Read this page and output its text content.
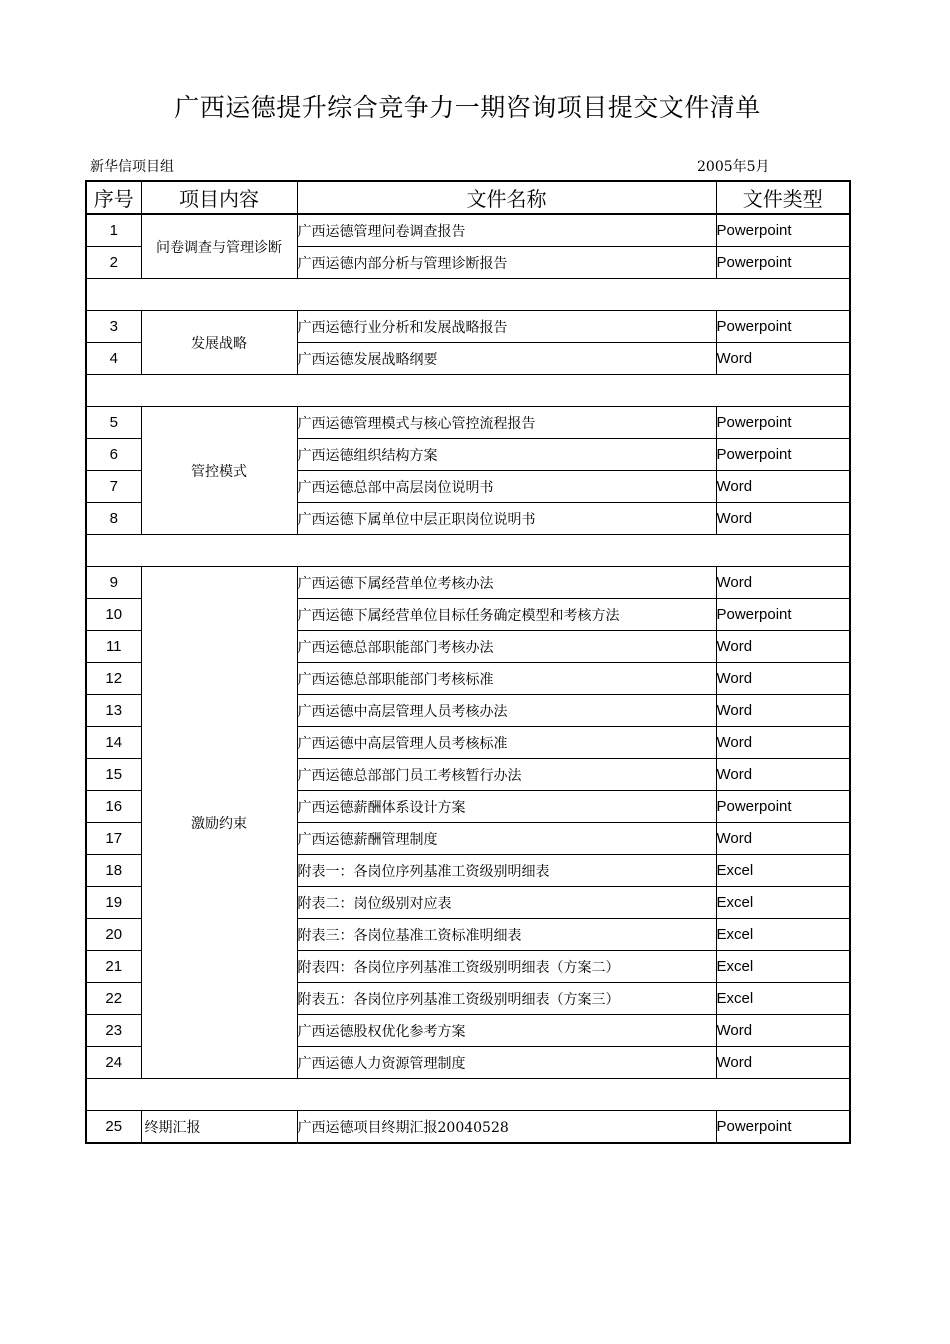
广西运德提升综合竞争力一期咨询项目提交文件清单
新华信项目组	2005年5月
序号	项目内容	文件名称	文件类型
1	问卷调查与管理诊断	广西运德管理问卷调查报告	Powerpoint
2		广西运德内部分析与管理诊断报告	Powerpoint

3	发展战略	广西运德行业分析和发展战略报告	Powerpoint
4		广西运德发展战略纲要	Word

5	管控模式	广西运德管理模式与核心管控流程报告	Powerpoint
6		广西运德组织结构方案	Powerpoint
7		广西运德总部中高层岗位说明书	Word
8		广西运德下属单位中层正职岗位说明书	Word

9	激励约束	广西运德下属经营单位考核办法	Word
10		广西运德下属经营单位目标任务确定模型和考核方法	Powerpoint
11		广西运德总部职能部门考核办法	Word
12		广西运德总部职能部门考核标准	Word
13		广西运德中高层管理人员考核办法	Word
14		广西运德中高层管理人员考核标准	Word
15		广西运德总部部门员工考核暂行办法	Word
16		广西运德薪酬体系设计方案	Powerpoint
17		广西运德薪酬管理制度	Word
18		附表一：各岗位序列基准工资级别明细表	Excel
19		附表二：岗位级别对应表	Excel
20		附表三：各岗位基准工资标准明细表	Excel
21		附表四：各岗位序列基准工资级别明细表（方案二）	Excel
22		附表五：各岗位序列基准工资级别明细表（方案三）	Excel
23		广西运德股权优化参考方案	Word
24		广西运德人力资源管理制度	Word

25	终期汇报	广西运德项目终期汇报20040528	Powerpoint
